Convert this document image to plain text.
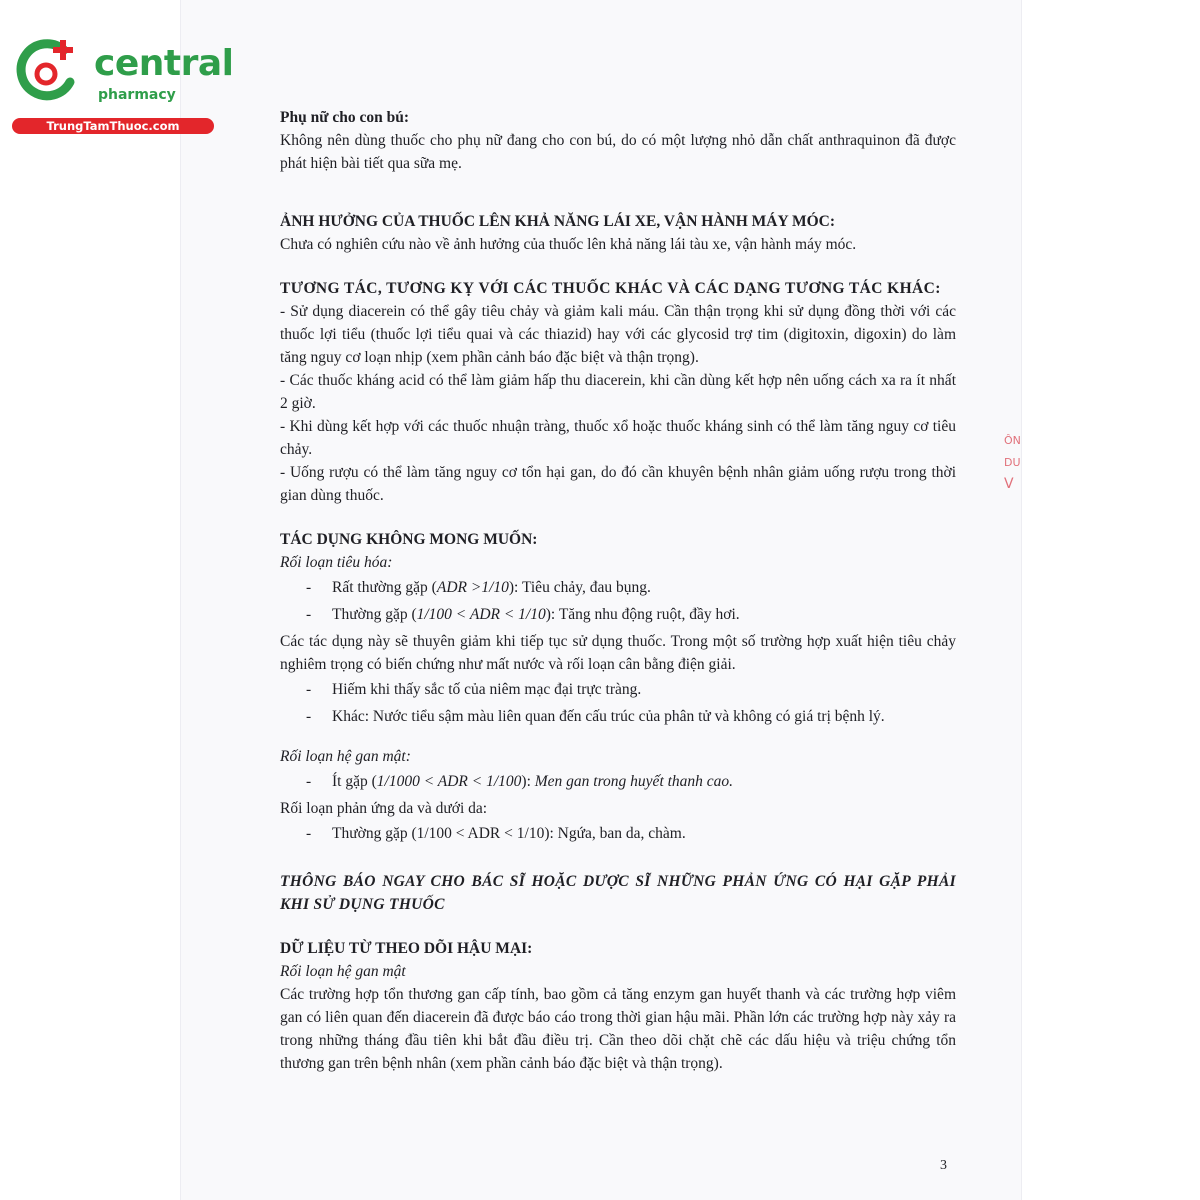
central
pharmacy
TrungTamThuoc.com	Phụ nữ cho con bú:

Không nên dùng thuốc cho phụ nữ đang cho con bú, do có một lượng nhỏ dẫn chất anthraquinon đã được phát hiện bài tiết qua sữa mẹ.

ẢNH HƯỞNG CỦA THUỐC LÊN KHẢ NĂNG LÁI XE, VẬN HÀNH MÁY MÓC:

Chưa có nghiên cứu nào về ảnh hưởng của thuốc lên khả năng lái tàu xe, vận hành máy móc.

TƯƠNG TÁC, TƯƠNG KỴ VỚI CÁC THUỐC KHÁC VÀ CÁC DẠNG TƯƠNG TÁC KHÁC:

- Sử dụng diacerein có thể gây tiêu chảy và giảm kali máu. Cần thận trọng khi sử dụng đồng thời với các thuốc lợi tiểu (thuốc lợi tiểu quai và các thiazid) hay với các glycosid trợ tim (digitoxin, digoxin) do làm tăng nguy cơ loạn nhịp (xem phần cảnh báo đặc biệt và thận trọng).

- Các thuốc kháng acid có thể làm giảm hấp thu diacerein, khi cần dùng kết hợp nên uống cách xa ra ít nhất 2 giờ.

- Khi dùng kết hợp với các thuốc nhuận tràng, thuốc xổ hoặc thuốc kháng sinh có thể làm tăng nguy cơ tiêu chảy.

- Uống rượu có thể làm tăng nguy cơ tổn hại gan, do đó cần khuyên bệnh nhân giảm uống rượu trong thời gian dùng thuốc.

TÁC DỤNG KHÔNG MONG MUỐN:

Rối loạn tiêu hóa:

- Rất thường gặp (ADR >1/10): Tiêu chảy, đau bụng.
- Thường gặp (1/100 < ADR < 1/10): Tăng nhu động ruột, đầy hơi.

Các tác dụng này sẽ thuyên giảm khi tiếp tục sử dụng thuốc. Trong một số trường hợp xuất hiện tiêu chảy nghiêm trọng có biến chứng như mất nước và rối loạn cân bằng điện giải.

- Hiếm khi thấy sắc tố của niêm mạc đại trực tràng.
- Khác: Nước tiểu sậm màu liên quan đến cấu trúc của phân tử và không có giá trị bệnh lý.

Rối loạn hệ gan mật:

- Ít gặp (1/1000 < ADR < 1/100): Men gan trong huyết thanh cao.

Rối loạn phản ứng da và dưới da:

- Thường gặp (1/100 < ADR < 1/10): Ngứa, ban da, chàm.

THÔNG BÁO NGAY CHO BÁC SĨ HOẶC DƯỢC SĨ NHỮNG PHẢN ỨNG CÓ HẠI GẶP PHẢI KHI SỬ DỤNG THUỐC

DỮ LIỆU TỪ THEO DÕI HẬU MẠI:

Rối loạn hệ gan mật

Các trường hợp tổn thương gan cấp tính, bao gồm cả tăng enzym gan huyết thanh và các trường hợp viêm gan có liên quan đến diacerein đã được báo cáo trong thời gian hậu mãi. Phần lớn các trường hợp này xảy ra trong những tháng đầu tiên khi bắt đầu điều trị. Cần theo dõi chặt chẽ các dấu hiệu và triệu chứng tổn thương gan trên bệnh nhân (xem phần cảnh báo đặc biệt và thận trọng).

3
ÔN
DU
V
